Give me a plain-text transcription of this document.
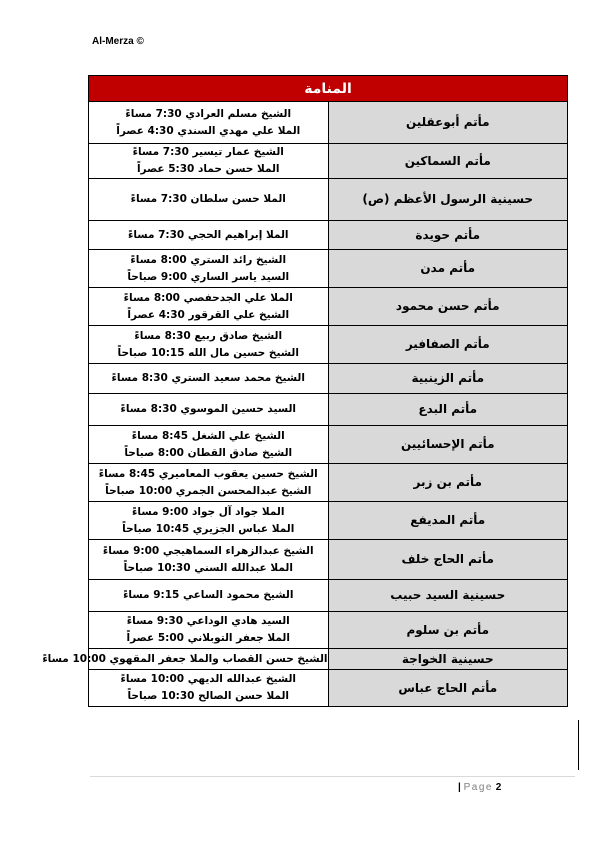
Al-Merza ©
المنامة	
مأتم أبوعقلين	الشيخ مسلم العرادي 7:30 مساءً
الملا علي مهدي السندي 4:30 عصراً

مأتم السماكين	الشيخ عمار تيسير 7:30 مساءً
الملا حسن حماد 5:30 عصراً

حسينية الرسول الأعظم (ص)	الملا حسن سلطان 7:30 مساءً

مأتم حويدة	الملا إبراهيم الحجي 7:30 مساءً

مأتم مدن	الشيخ رائد الستري 8:00 مساءً
السيد ياسر الساري 9:00 صباحاً

مأتم حسن محمود	الملا علي الجدحفصي 8:00 مساءً
الشيخ علي القرقور 4:30 عصراً

مأتم الصفافير	الشيخ صادق ربيع 8:30 مساءً
الشيخ حسين مال الله 10:15 صباحاً

مأتم الزينبية	الشيخ محمد سعيد الستري 8:30 مساءً

مأتم البدع	السيد حسين الموسوي 8:30 مساءً

مأتم الإحسائيين	الشيخ علي الشغل 8:45 مساءً
الشيخ صادق القطان 8:00 صباحاً

مأتم بن زبر	الشيخ حسين يعقوب المعاميري 8:45 مساءً
الشيخ عبدالمحسن الجمري 10:00 صباحاً

مأتم المديفع	الملا جواد آل جواد 9:00 مساءً
الملا عباس الجزيري 10:45 صباحاً

مأتم الحاج خلف	الشيخ عبدالزهراء السماهيجي 9:00 مساءً
الملا عبدالله السني 10:30 صباحاً

حسينية السيد حبيب	الشيخ محمود الساعي 9:15 مساءً

مأتم بن سلوم	السيد هادي الوداعي 9:30 مساءً
الملا جعفر التوبلاني 5:00 عصراً

حسينية الخواجة	الشيخ حسن القصاب والملا جعفر المقهوي 10:00 مساءً

مأتم الحاج عباس	الشيخ عبدالله الديهي 10:00 مساءً
الملا حسن الصالح 10:30 صباحاً
| Page 2
